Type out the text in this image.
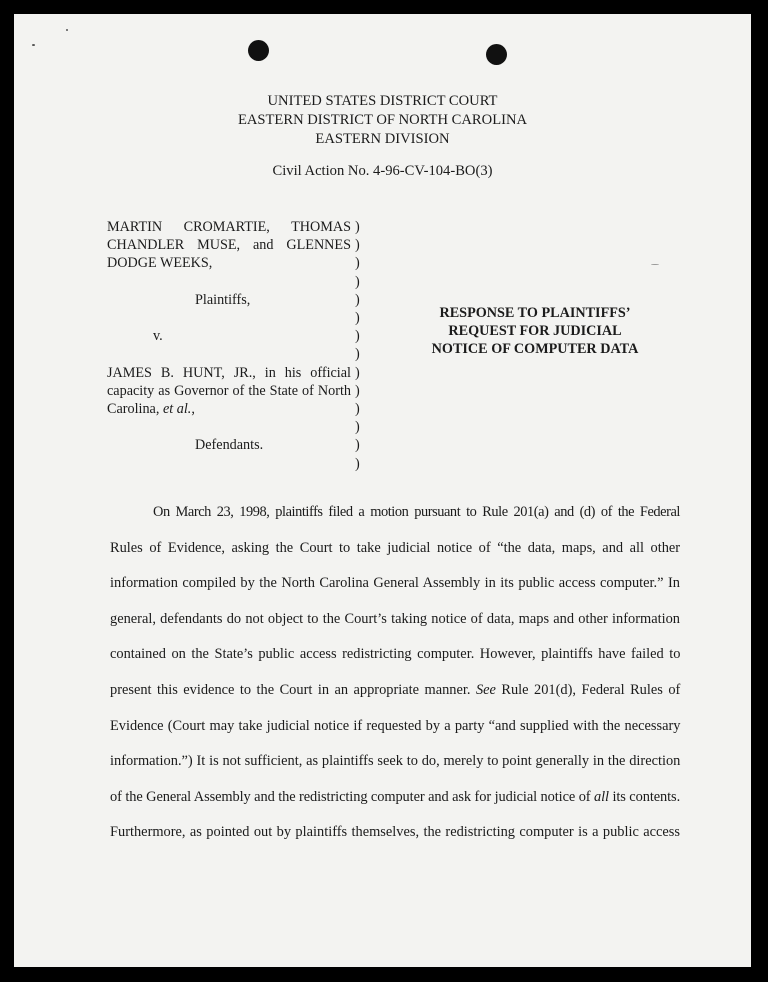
UNITED STATES DISTRICT COURT
EASTERN DISTRICT OF NORTH CAROLINA
EASTERN DIVISION
Civil Action No. 4-96-CV-104-BO(3)
MARTIN CROMARTIE, THOMAS
CHANDLER MUSE, and GLENNES
DODGE WEEKS,
Plaintiffs,
v.
JAMES B. HUNT, JR., in his official
capacity as Governor of the State of North
Carolina, et al.,
Defendants.
)
)
)
)
)
)
)
)
)
)
)
)
)
)
RESPONSE TO PLAINTIFFS’
REQUEST FOR JUDICIAL
NOTICE OF COMPUTER DATA
On March 23, 1998, plaintiffs filed a motion pursuant to Rule 201(a) and (d) of the Federal
Rules of Evidence, asking the Court to take judicial notice of “the data, maps, and all other
information compiled by the North Carolina General Assembly in its public access computer.” In
general, defendants do not object to the Court’s taking notice of data, maps and other information
contained on the State’s public access redistricting computer. However, plaintiffs have failed to
present this evidence to the Court in an appropriate manner. See Rule 201(d), Federal Rules of
Evidence (Court may take judicial notice if requested by a party “and supplied with the necessary
information.”) It is not sufficient, as plaintiffs seek to do, merely to point generally in the direction
of the General Assembly and the redistricting computer and ask for judicial notice of all its contents.
Furthermore, as pointed out by plaintiffs themselves, the redistricting computer is a public access
